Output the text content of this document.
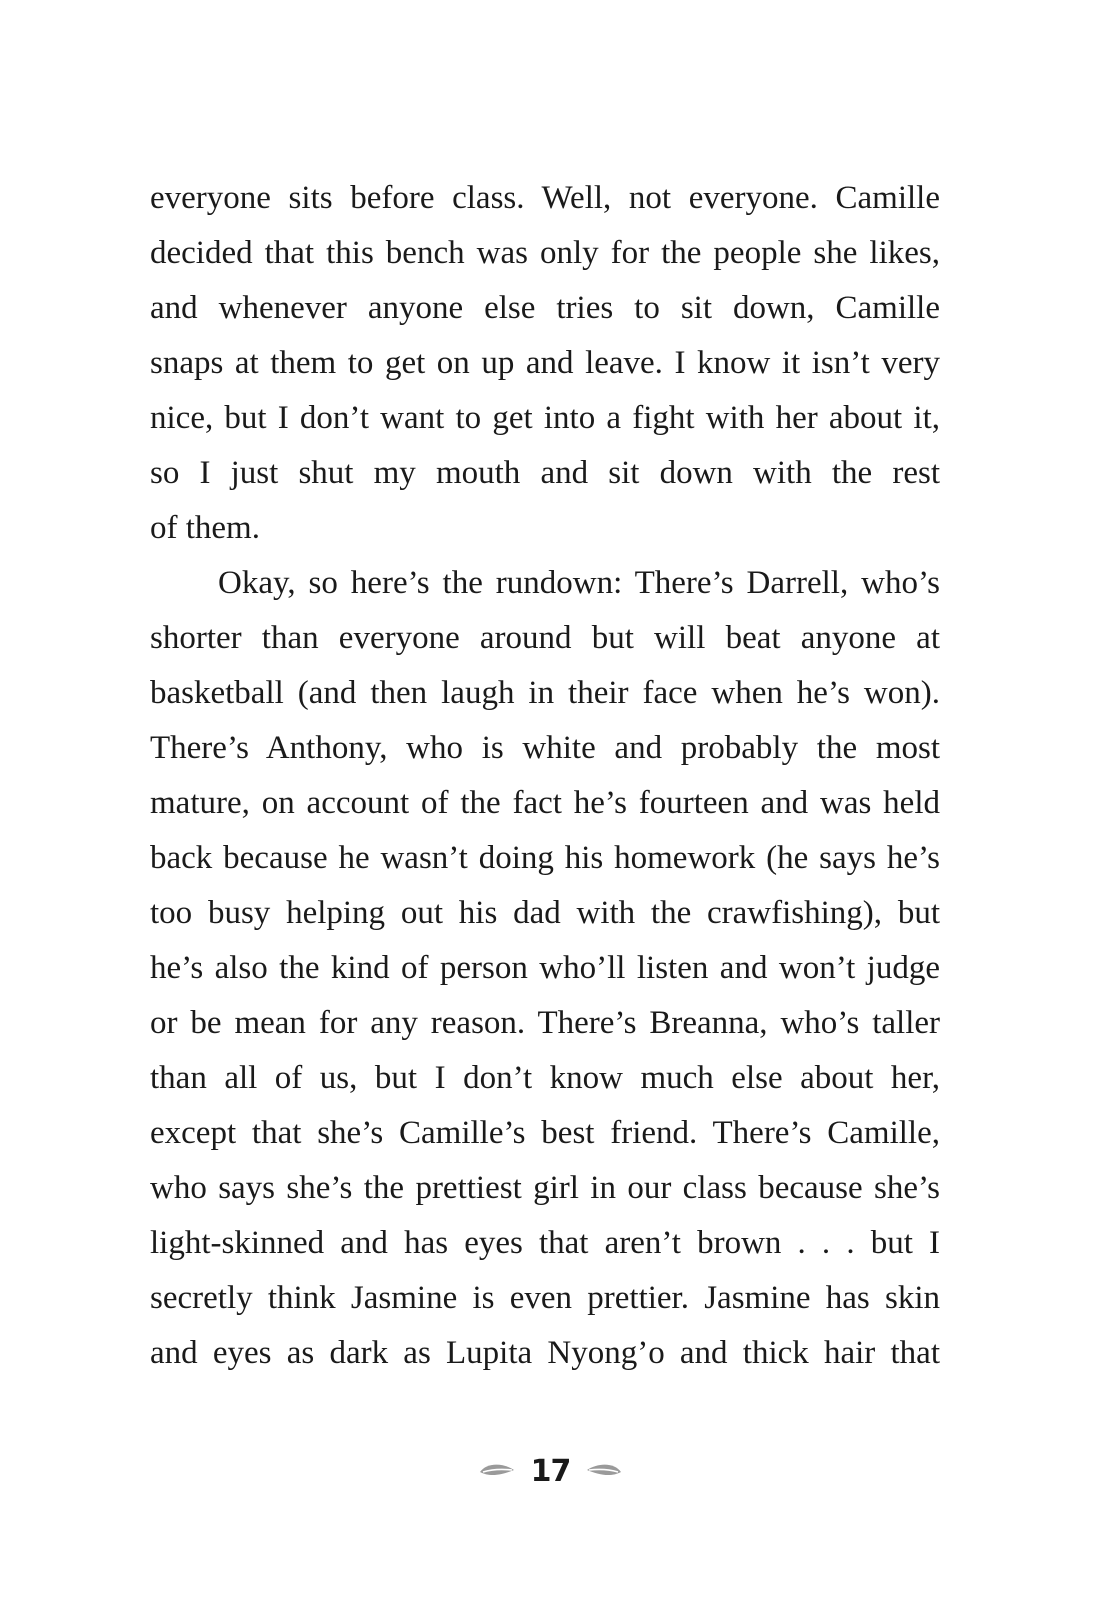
everyone sits before class. Well, not everyone. Camille
decided that this bench was only for the people she likes,
and whenever anyone else tries to sit down, Camille
snaps at them to get on up and leave. I know it isn’t very
nice, but I don’t want to get into a fight with her about it,
so I just shut my mouth and sit down with the rest
of them.
Okay, so here’s the rundown: There’s Darrell, who’s
shorter than everyone around but will beat anyone at
basketball (and then laugh in their face when he’s won).
There’s Anthony, who is white and probably the most
mature, on account of the fact he’s fourteen and was held
back because he wasn’t doing his homework (he says he’s
too busy helping out his dad with the crawfishing), but
he’s also the kind of person who’ll listen and won’t judge
or be mean for any reason. There’s Breanna, who’s taller
than all of us, but I don’t know much else about her,
except that she’s Camille’s best friend. There’s Camille,
who says she’s the prettiest girl in our class because she’s
light-skinned and has eyes that aren’t brown . . . but I
secretly think Jasmine is even prettier. Jasmine has skin
and eyes as dark as Lupita Nyong’o and thick hair that
17
